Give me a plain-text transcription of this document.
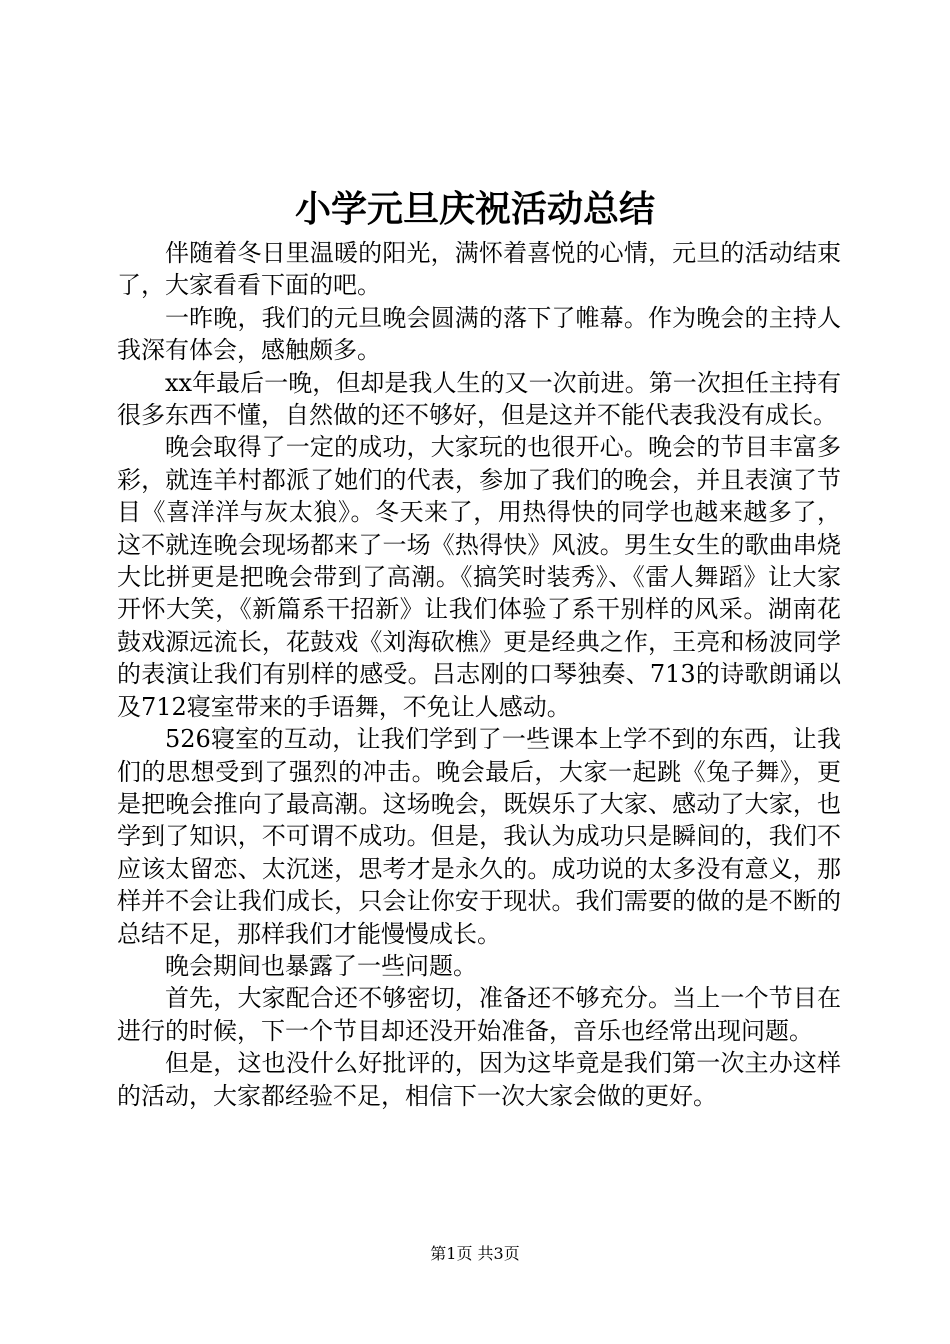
小学元旦庆祝活动总结

伴随着冬日里温暖的阳光，满怀着喜悦的心情，元旦的活动结束了，大家看看下面的吧。

一昨晚，我们的元旦晚会圆满的落下了帷幕。作为晚会的主持人我深有体会，感触颇多。

xx年最后一晚，但却是我人生的又一次前进。第一次担任主持有很多东西不懂，自然做的还不够好，但是这并不能代表我没有成长。

晚会取得了一定的成功，大家玩的也很开心。晚会的节目丰富多彩，就连羊村都派了她们的代表，参加了我们的晚会，并且表演了节目《喜洋洋与灰太狼》。冬天来了，用热得快的同学也越来越多了，这不就连晚会现场都来了一场《热得快》风波。男生女生的歌曲串烧大比拼更是把晚会带到了高潮。《搞笑时装秀》、《雷人舞蹈》让大家开怀大笑，《新篇系干招新》让我们体验了系干别样的风采。湖南花鼓戏源远流长，花鼓戏《刘海砍樵》更是经典之作，王亮和杨波同学的表演让我们有别样的感受。吕志刚的口琴独奏、713的诗歌朗诵以及712寝室带来的手语舞，不免让人感动。

526寝室的互动，让我们学到了一些课本上学不到的东西，让我们的思想受到了强烈的冲击。晚会最后，大家一起跳《兔子舞》，更是把晚会推向了最高潮。这场晚会，既娱乐了大家、感动了大家，也学到了知识，不可谓不成功。但是，我认为成功只是瞬间的，我们不应该太留恋、太沉迷，思考才是永久的。成功说的太多没有意义，那样并不会让我们成长，只会让你安于现状。我们需要的做的是不断的总结不足，那样我们才能慢慢成长。

晚会期间也暴露了一些问题。

首先，大家配合还不够密切，准备还不够充分。当上一个节目在进行的时候，下一个节目却还没开始准备，音乐也经常出现问题。

但是，这也没什么好批评的，因为这毕竟是我们第一次主办这样的活动，大家都经验不足，相信下一次大家会做的更好。

第1页 共3页
